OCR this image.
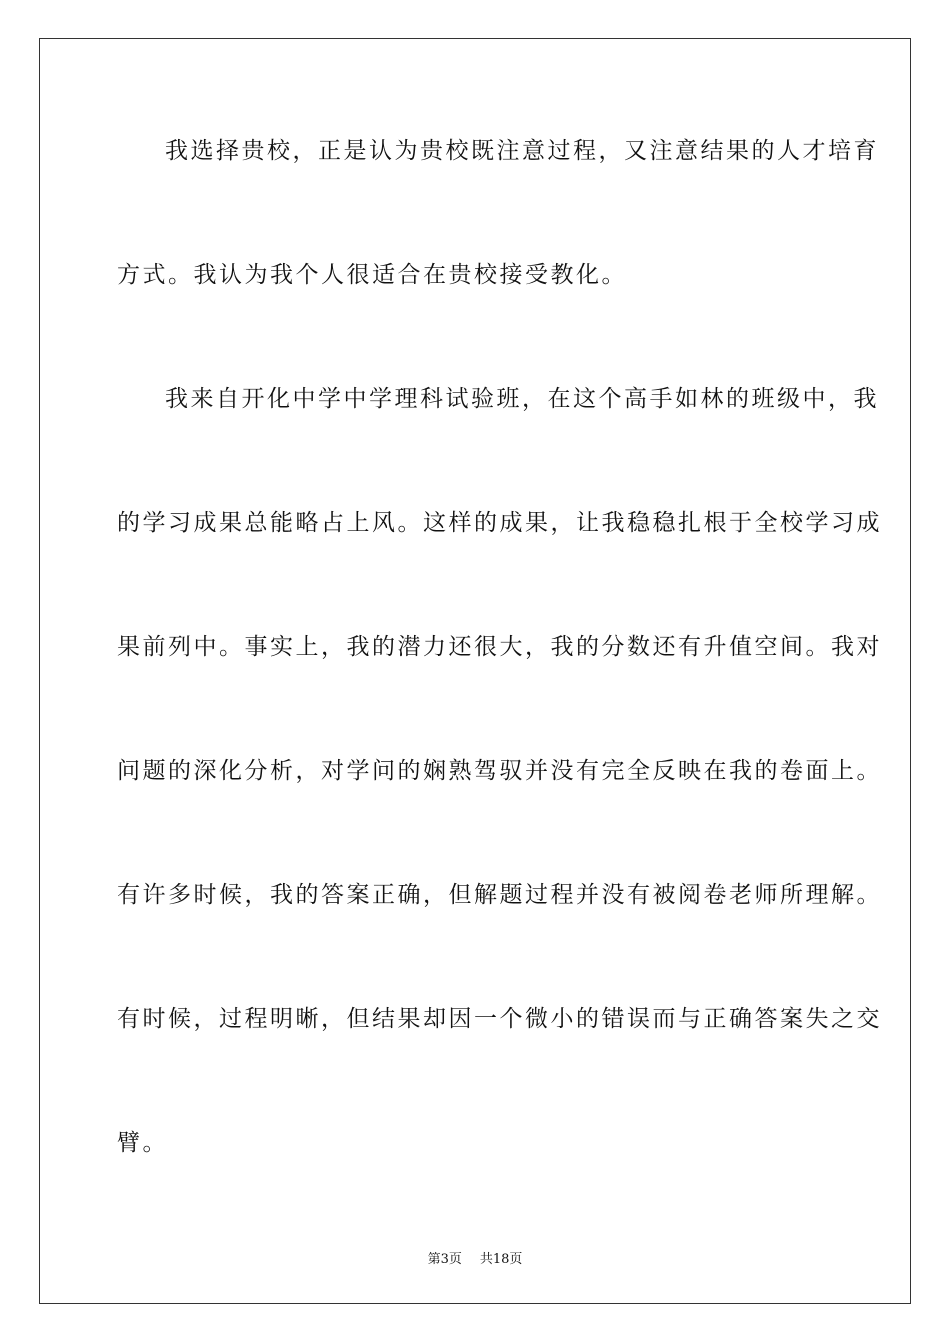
我选择贵校，正是认为贵校既注意过程，又注意结果的人才培育
方式。我认为我个人很适合在贵校接受教化。
我来自开化中学中学理科试验班，在这个高手如林的班级中，我
的学习成果总能略占上风。这样的成果，让我稳稳扎根于全校学习成
果前列中。事实上，我的潜力还很大，我的分数还有升值空间。我对
问题的深化分析，对学问的娴熟驾驭并没有完全反映在我的卷面上。
有许多时候，我的答案正确，但解题过程并没有被阅卷老师所理解。
有时候，过程明晰，但结果却因一个微小的错误而与正确答案失之交
臂。
第3页 共18页
